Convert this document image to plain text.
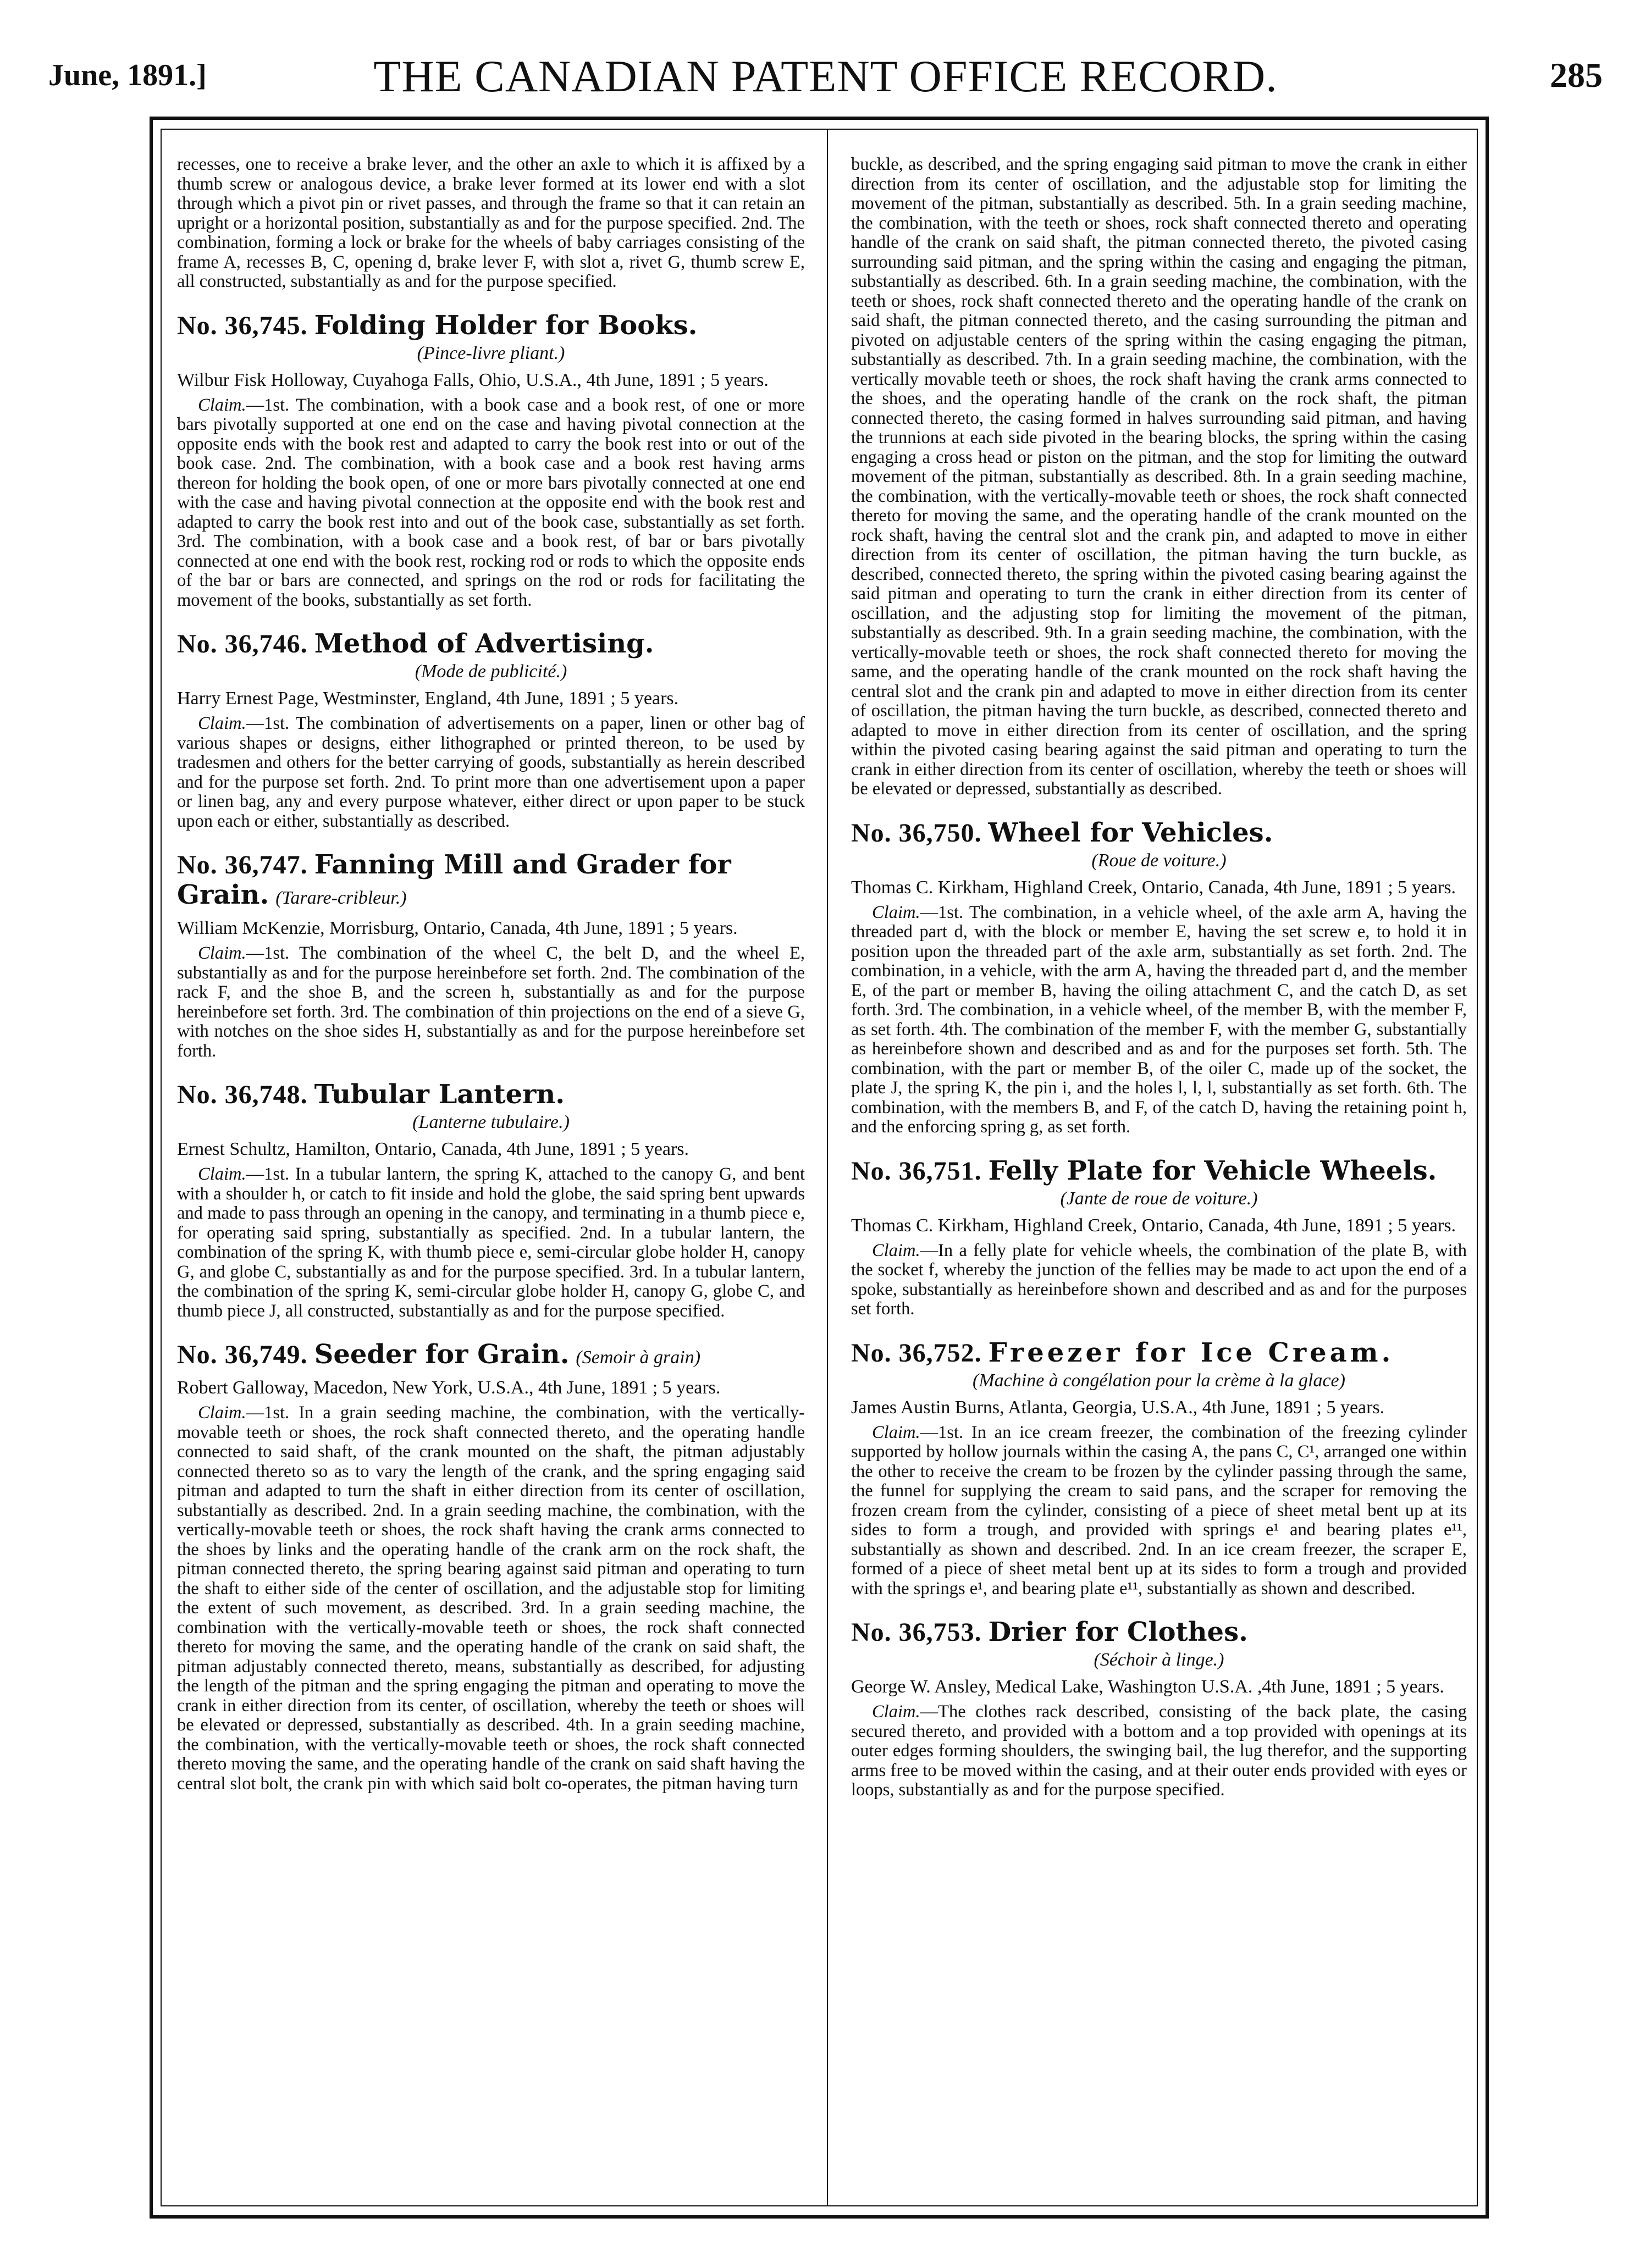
June, 1891.]	THE CANADIAN PATENT OFFICE RECORD.	285

recesses, one to receive a brake lever, and the other an axle to which it is affixed by a thumb screw or analogous device, a brake lever formed at its lower end with a slot through which a pivot pin or rivet passes, and through the frame so that it can retain an upright or a horizontal position, substantially as and for the purpose specified. 2nd. The combination, forming a lock or brake for the wheels of baby carriages consisting of the frame A, recesses B, C, opening d, brake lever F, with slot a, rivet G, thumb screw E, all constructed, substantially as and for the purpose specified.

No. 36,745. Folding Holder for Books.

(Pince-livre pliant.)

Wilbur Fisk Holloway, Cuyahoga Falls, Ohio, U.S.A., 4th June, 1891 ; 5 years.

Claim.—1st. The combination, with a book case and a book rest, of one or more bars pivotally supported at one end on the case and having pivotal connection at the opposite ends with the book rest and adapted to carry the book rest into or out of the book case. 2nd. The combination, with a book case and a book rest having arms thereon for holding the book open, of one or more bars pivotally connected at one end with the case and having pivotal connection at the opposite end with the book rest and adapted to carry the book rest into and out of the book case, substantially as set forth. 3rd. The combination, with a book case and a book rest, of bar or bars pivotally connected at one end with the book rest, rocking rod or rods to which the opposite ends of the bar or bars are connected, and springs on the rod or rods for facilitating the movement of the books, substantially as set forth.

No. 36,746. Method of Advertising.

(Mode de publicité.)

Harry Ernest Page, Westminster, England, 4th June, 1891 ; 5 years.

Claim.—1st. The combination of advertisements on a paper, linen or other bag of various shapes or designs, either lithographed or printed thereon, to be used by tradesmen and others for the better carrying of goods, substantially as herein described and for the purpose set forth. 2nd. To print more than one advertisement upon a paper or linen bag, any and every purpose whatever, either direct or upon paper to be stuck upon each or either, substantially as described.

No. 36,747. Fanning Mill and Grader for Grain. (Tarare-cribleur.)

William McKenzie, Morrisburg, Ontario, Canada, 4th June, 1891 ; 5 years.

Claim.—1st. The combination of the wheel C, the belt D, and the wheel E, substantially as and for the purpose hereinbefore set forth. 2nd. The combination of the rack F, and the shoe B, and the screen h, substantially as and for the purpose hereinbefore set forth. 3rd. The combination of thin projections on the end of a sieve G, with notches on the shoe sides H, substantially as and for the purpose hereinbefore set forth.

No. 36,748. Tubular Lantern.

(Lanterne tubulaire.)

Ernest Schultz, Hamilton, Ontario, Canada, 4th June, 1891 ; 5 years.

Claim.—1st. In a tubular lantern, the spring K, attached to the canopy G, and bent with a shoulder h, or catch to fit inside and hold the globe, the said spring bent upwards and made to pass through an opening in the canopy, and terminating in a thumb piece e, for operating said spring, substantially as specified. 2nd. In a tubular lantern, the combination of the spring K, with thumb piece e, semi-circular globe holder H, canopy G, and globe C, substantially as and for the purpose specified. 3rd. In a tubular lantern, the combination of the spring K, semi-circular globe holder H, canopy G, globe C, and thumb piece J, all constructed, substantially as and for the purpose specified.

No. 36,749. Seeder for Grain. (Semoir à grain)

Robert Galloway, Macedon, New York, U.S.A., 4th June, 1891 ; 5 years.

Claim.—1st. In a grain seeding machine, the combination, with the vertically-movable teeth or shoes, the rock shaft connected thereto, and the operating handle connected to said shaft, of the crank mounted on the shaft, the pitman adjustably connected thereto so as to vary the length of the crank, and the spring engaging said pitman and adapted to turn the shaft in either direction from its center of oscillation, substantially as described. 2nd. In a grain seeding machine, the combination, with the vertically-movable teeth or shoes, the rock shaft having the crank arms connected to the shoes by links and the operating handle of the crank arm on the rock shaft, the pitman connected thereto, the spring bearing against said pitman and operating to turn the shaft to either side of the center of oscillation, and the adjustable stop for limiting the extent of such movement, as described. 3rd. In a grain seeding machine, the combination with the vertically-movable teeth or shoes, the rock shaft connected thereto for moving the same, and the operating handle of the crank on said shaft, the pitman adjustably connected thereto, means, substantially as described, for adjusting the length of the pitman and the spring engaging the pitman and operating to move the crank in either direction from its center, of oscillation, whereby the teeth or shoes will be elevated or depressed, substantially as described. 4th. In a grain seeding machine, the combination, with the vertically-movable teeth or shoes, the rock shaft connected thereto moving the same, and the operating handle of the crank on said shaft having the central slot bolt, the crank pin with which said bolt co-operates, the pitman having turn

buckle, as described, and the spring engaging said pitman to move the crank in either direction from its center of oscillation, and the adjustable stop for limiting the movement of the pitman, substantially as described. 5th. In a grain seeding machine, the combination, with the teeth or shoes, rock shaft connected thereto and operating handle of the crank on said shaft, the pitman connected thereto, the pivoted casing surrounding said pitman, and the spring within the casing and engaging the pitman, substantially as described. 6th. In a grain seeding machine, the combination, with the teeth or shoes, rock shaft connected thereto and the operating handle of the crank on said shaft, the pitman connected thereto, and the casing surrounding the pitman and pivoted on adjustable centers of the spring within the casing engaging the pitman, substantially as described. 7th. In a grain seeding machine, the combination, with the vertically movable teeth or shoes, the rock shaft having the crank arms connected to the shoes, and the operating handle of the crank on the rock shaft, the pitman connected thereto, the casing formed in halves surrounding said pitman, and having the trunnions at each side pivoted in the bearing blocks, the spring within the casing engaging a cross head or piston on the pitman, and the stop for limiting the outward movement of the pitman, substantially as described. 8th. In a grain seeding machine, the combination, with the vertically-movable teeth or shoes, the rock shaft connected thereto for moving the same, and the operating handle of the crank mounted on the rock shaft, having the central slot and the crank pin, and adapted to move in either direction from its center of oscillation, the pitman having the turn buckle, as described, connected thereto, the spring within the pivoted casing bearing against the said pitman and operating to turn the crank in either direction from its center of oscillation, and the adjusting stop for limiting the movement of the pitman, substantially as described. 9th. In a grain seeding machine, the combination, with the vertically-movable teeth or shoes, the rock shaft connected thereto for moving the same, and the operating handle of the crank mounted on the rock shaft having the central slot and the crank pin and adapted to move in either direction from its center of oscillation, the pitman having the turn buckle, as described, connected thereto and adapted to move in either direction from its center of oscillation, and the spring within the pivoted casing bearing against the said pitman and operating to turn the crank in either direction from its center of oscillation, whereby the teeth or shoes will be elevated or depressed, substantially as described.

No. 36,750. Wheel for Vehicles.

(Roue de voiture.)

Thomas C. Kirkham, Highland Creek, Ontario, Canada, 4th June, 1891 ; 5 years.

Claim.—1st. The combination, in a vehicle wheel, of the axle arm A, having the threaded part d, with the block or member E, having the set screw e, to hold it in position upon the threaded part of the axle arm, substantially as set forth. 2nd. The combination, in a vehicle, with the arm A, having the threaded part d, and the member E, of the part or member B, having the oiling attachment C, and the catch D, as set forth. 3rd. The combination, in a vehicle wheel, of the member B, with the member F, as set forth. 4th. The combination of the member F, with the member G, substantially as hereinbefore shown and described and as and for the purposes set forth. 5th. The combination, with the part or member B, of the oiler C, made up of the socket, the plate J, the spring K, the pin i, and the holes l, l, l, substantially as set forth. 6th. The combination, with the members B, and F, of the catch D, having the retaining point h, and the enforcing spring g, as set forth.

No. 36,751. Felly Plate for Vehicle Wheels.

(Jante de roue de voiture.)

Thomas C. Kirkham, Highland Creek, Ontario, Canada, 4th June, 1891 ; 5 years.

Claim.—In a felly plate for vehicle wheels, the combination of the plate B, with the socket f, whereby the junction of the fellies may be made to act upon the end of a spoke, substantially as hereinbefore shown and described and as and for the purposes set forth.

No. 36,752. Freezer for Ice Cream.

(Machine à congélation pour la crème à la glace)

James Austin Burns, Atlanta, Georgia, U.S.A., 4th June, 1891 ; 5 years.

Claim.—1st. In an ice cream freezer, the combination of the freezing cylinder supported by hollow journals within the casing A, the pans C, C¹, arranged one within the other to receive the cream to be frozen by the cylinder passing through the same, the funnel for supplying the cream to said pans, and the scraper for removing the frozen cream from the cylinder, consisting of a piece of sheet metal bent up at its sides to form a trough, and provided with springs e¹ and bearing plates e¹¹, substantially as shown and described. 2nd. In an ice cream freezer, the scraper E, formed of a piece of sheet metal bent up at its sides to form a trough and provided with the springs e¹, and bearing plate e¹¹, substantially as shown and described.

No. 36,753. Drier for Clothes.

(Séchoir à linge.)

George W. Ansley, Medical Lake, Washington U.S.A. ,4th June, 1891 ; 5 years.

Claim.—The clothes rack described, consisting of the back plate, the casing secured thereto, and provided with a bottom and a top provided with openings at its outer edges forming shoulders, the swinging bail, the lug therefor, and the supporting arms free to be moved within the casing, and at their outer ends provided with eyes or loops, substantially as and for the purpose specified.
